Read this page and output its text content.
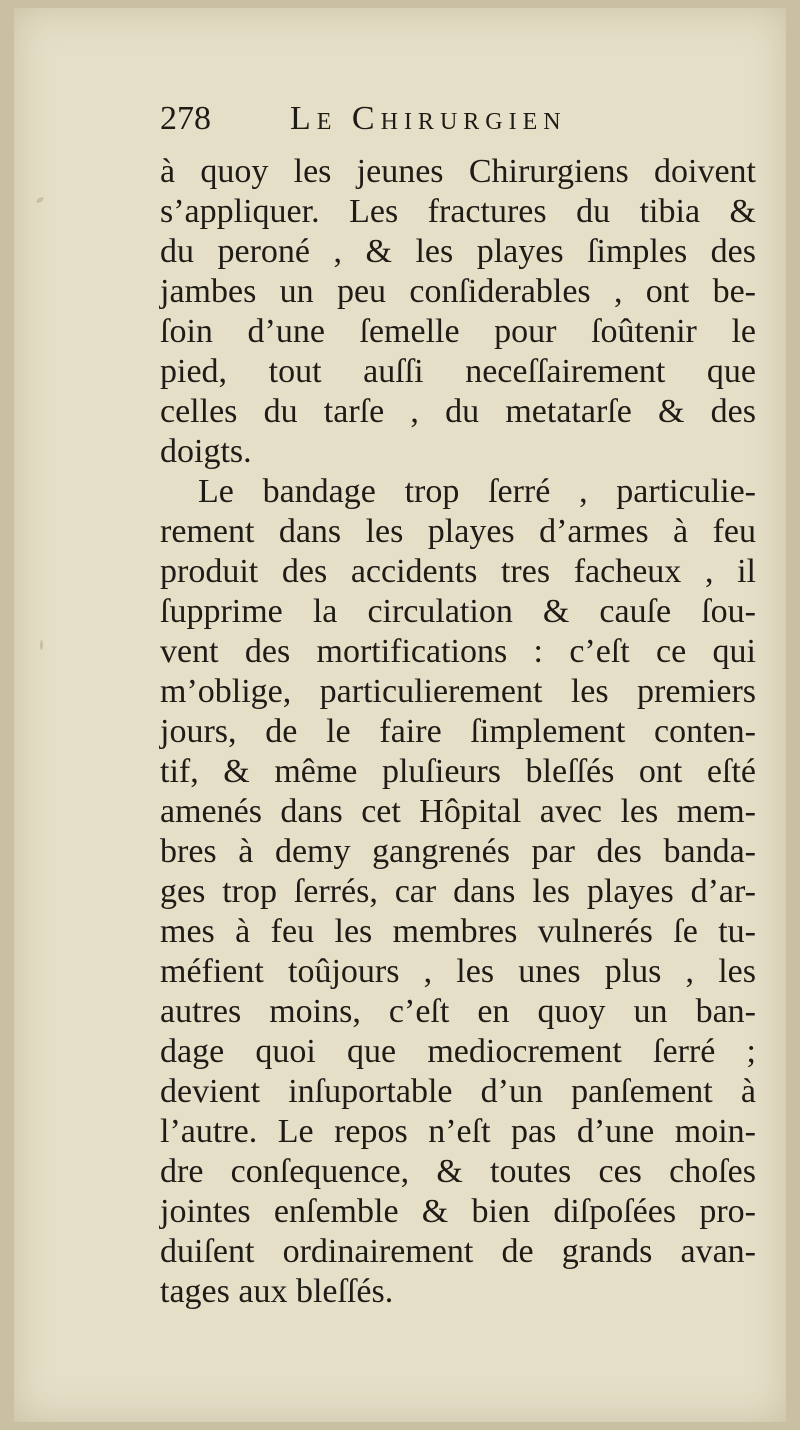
278 Le Chirurgien
à quoy les jeunes Chirurgiens doivent
s’appliquer. Les fractures du tibia &
du peroné , & les playes ſimples des
jambes un peu conſiderables , ont be-
ſoin d’une ſemelle pour ſoûtenir le
pied, tout auſſi neceſſairement que
celles du tarſe , du metatarſe & des
doigts.
Le bandage trop ſerré , particulie-
rement dans les playes d’armes à feu
produit des accidents tres facheux , il
ſupprime la circulation & cauſe ſou-
vent des mortifications : c’eſt ce qui
m’oblige, particulierement les premiers
jours, de le faire ſimplement conten-
tif, & même pluſieurs bleſſés ont eſté
amenés dans cet Hôpital avec les mem-
bres à demy gangrenés par des banda-
ges trop ſerrés, car dans les playes d’ar-
mes à feu les membres vulnerés ſe tu-
méfient toûjours , les unes plus , les
autres moins, c’eſt en quoy un ban-
dage quoi que mediocrement ſerré ;
devient inſuportable d’un panſement à
l’autre. Le repos n’eſt pas d’une moin-
dre conſequence, & toutes ces choſes
jointes enſemble & bien diſpoſées pro-
duiſent ordinairement de grands avan-
tages aux bleſſés.
